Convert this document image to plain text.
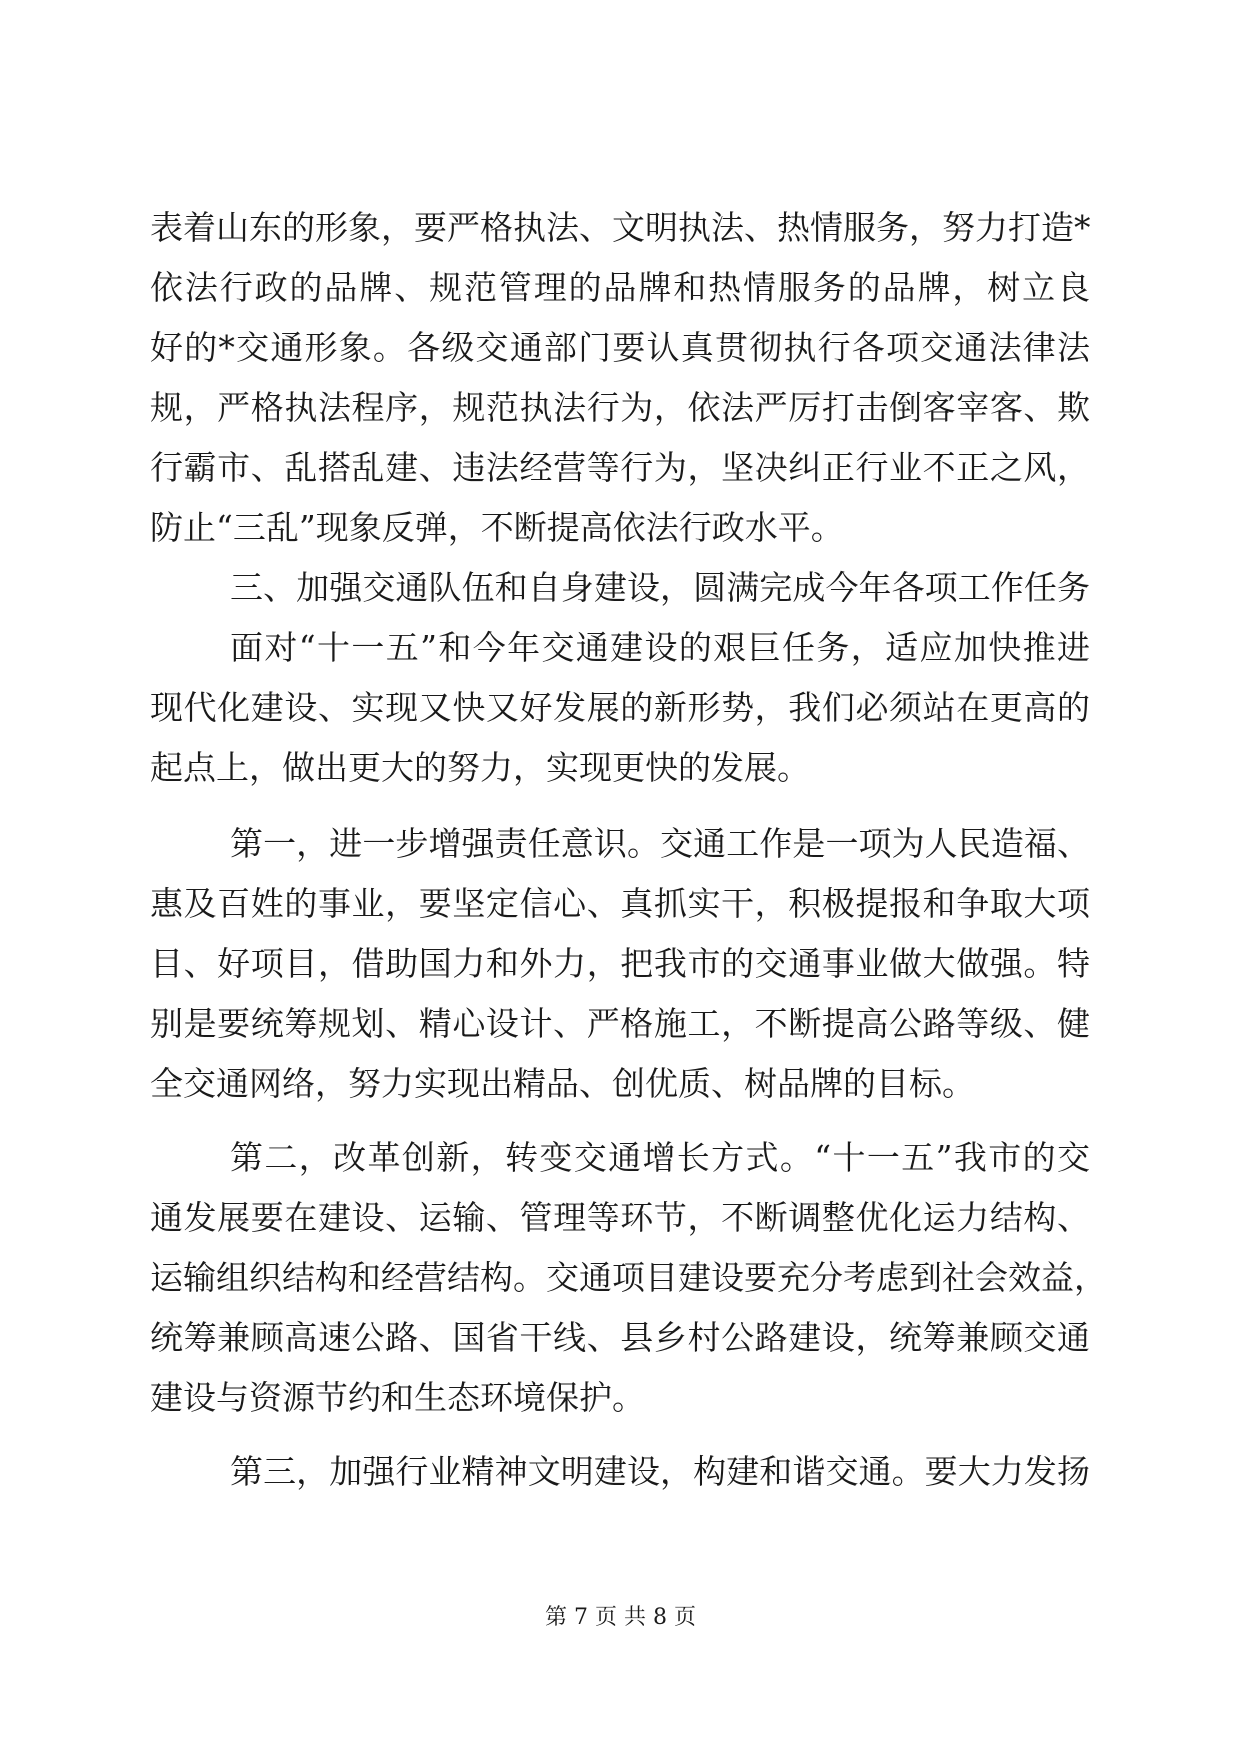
表着山东的形象，要严格执法、文明执法、热情服务，努力打造*
依法行政的品牌、规范管理的品牌和热情服务的品牌，树立良
好的*交通形象。各级交通部门要认真贯彻执行各项交通法律法
规，严格执法程序，规范执法行为，依法严厉打击倒客宰客、欺
行霸市、乱搭乱建、违法经营等行为，坚决纠正行业不正之风，
防止“三乱”现象反弹，不断提高依法行政水平。
三、加强交通队伍和自身建设，圆满完成今年各项工作任务
面对“十一五”和今年交通建设的艰巨任务，适应加快推进
现代化建设、实现又快又好发展的新形势，我们必须站在更高的
起点上，做出更大的努力，实现更快的发展。
第一，进一步增强责任意识。交通工作是一项为人民造福、
惠及百姓的事业，要坚定信心、真抓实干，积极提报和争取大项
目、好项目，借助国力和外力，把我市的交通事业做大做强。特
别是要统筹规划、精心设计、严格施工，不断提高公路等级、健
全交通网络，努力实现出精品、创优质、树品牌的目标。
第二，改革创新，转变交通增长方式。“十一五”我市的交
通发展要在建设、运输、管理等环节，不断调整优化运力结构、
运输组织结构和经营结构。交通项目建设要充分考虑到社会效益，
统筹兼顾高速公路、国省干线、县乡村公路建设，统筹兼顾交通
建设与资源节约和生态环境保护。
第三，加强行业精神文明建设，构建和谐交通。要大力发扬
第 7 页 共 8 页
